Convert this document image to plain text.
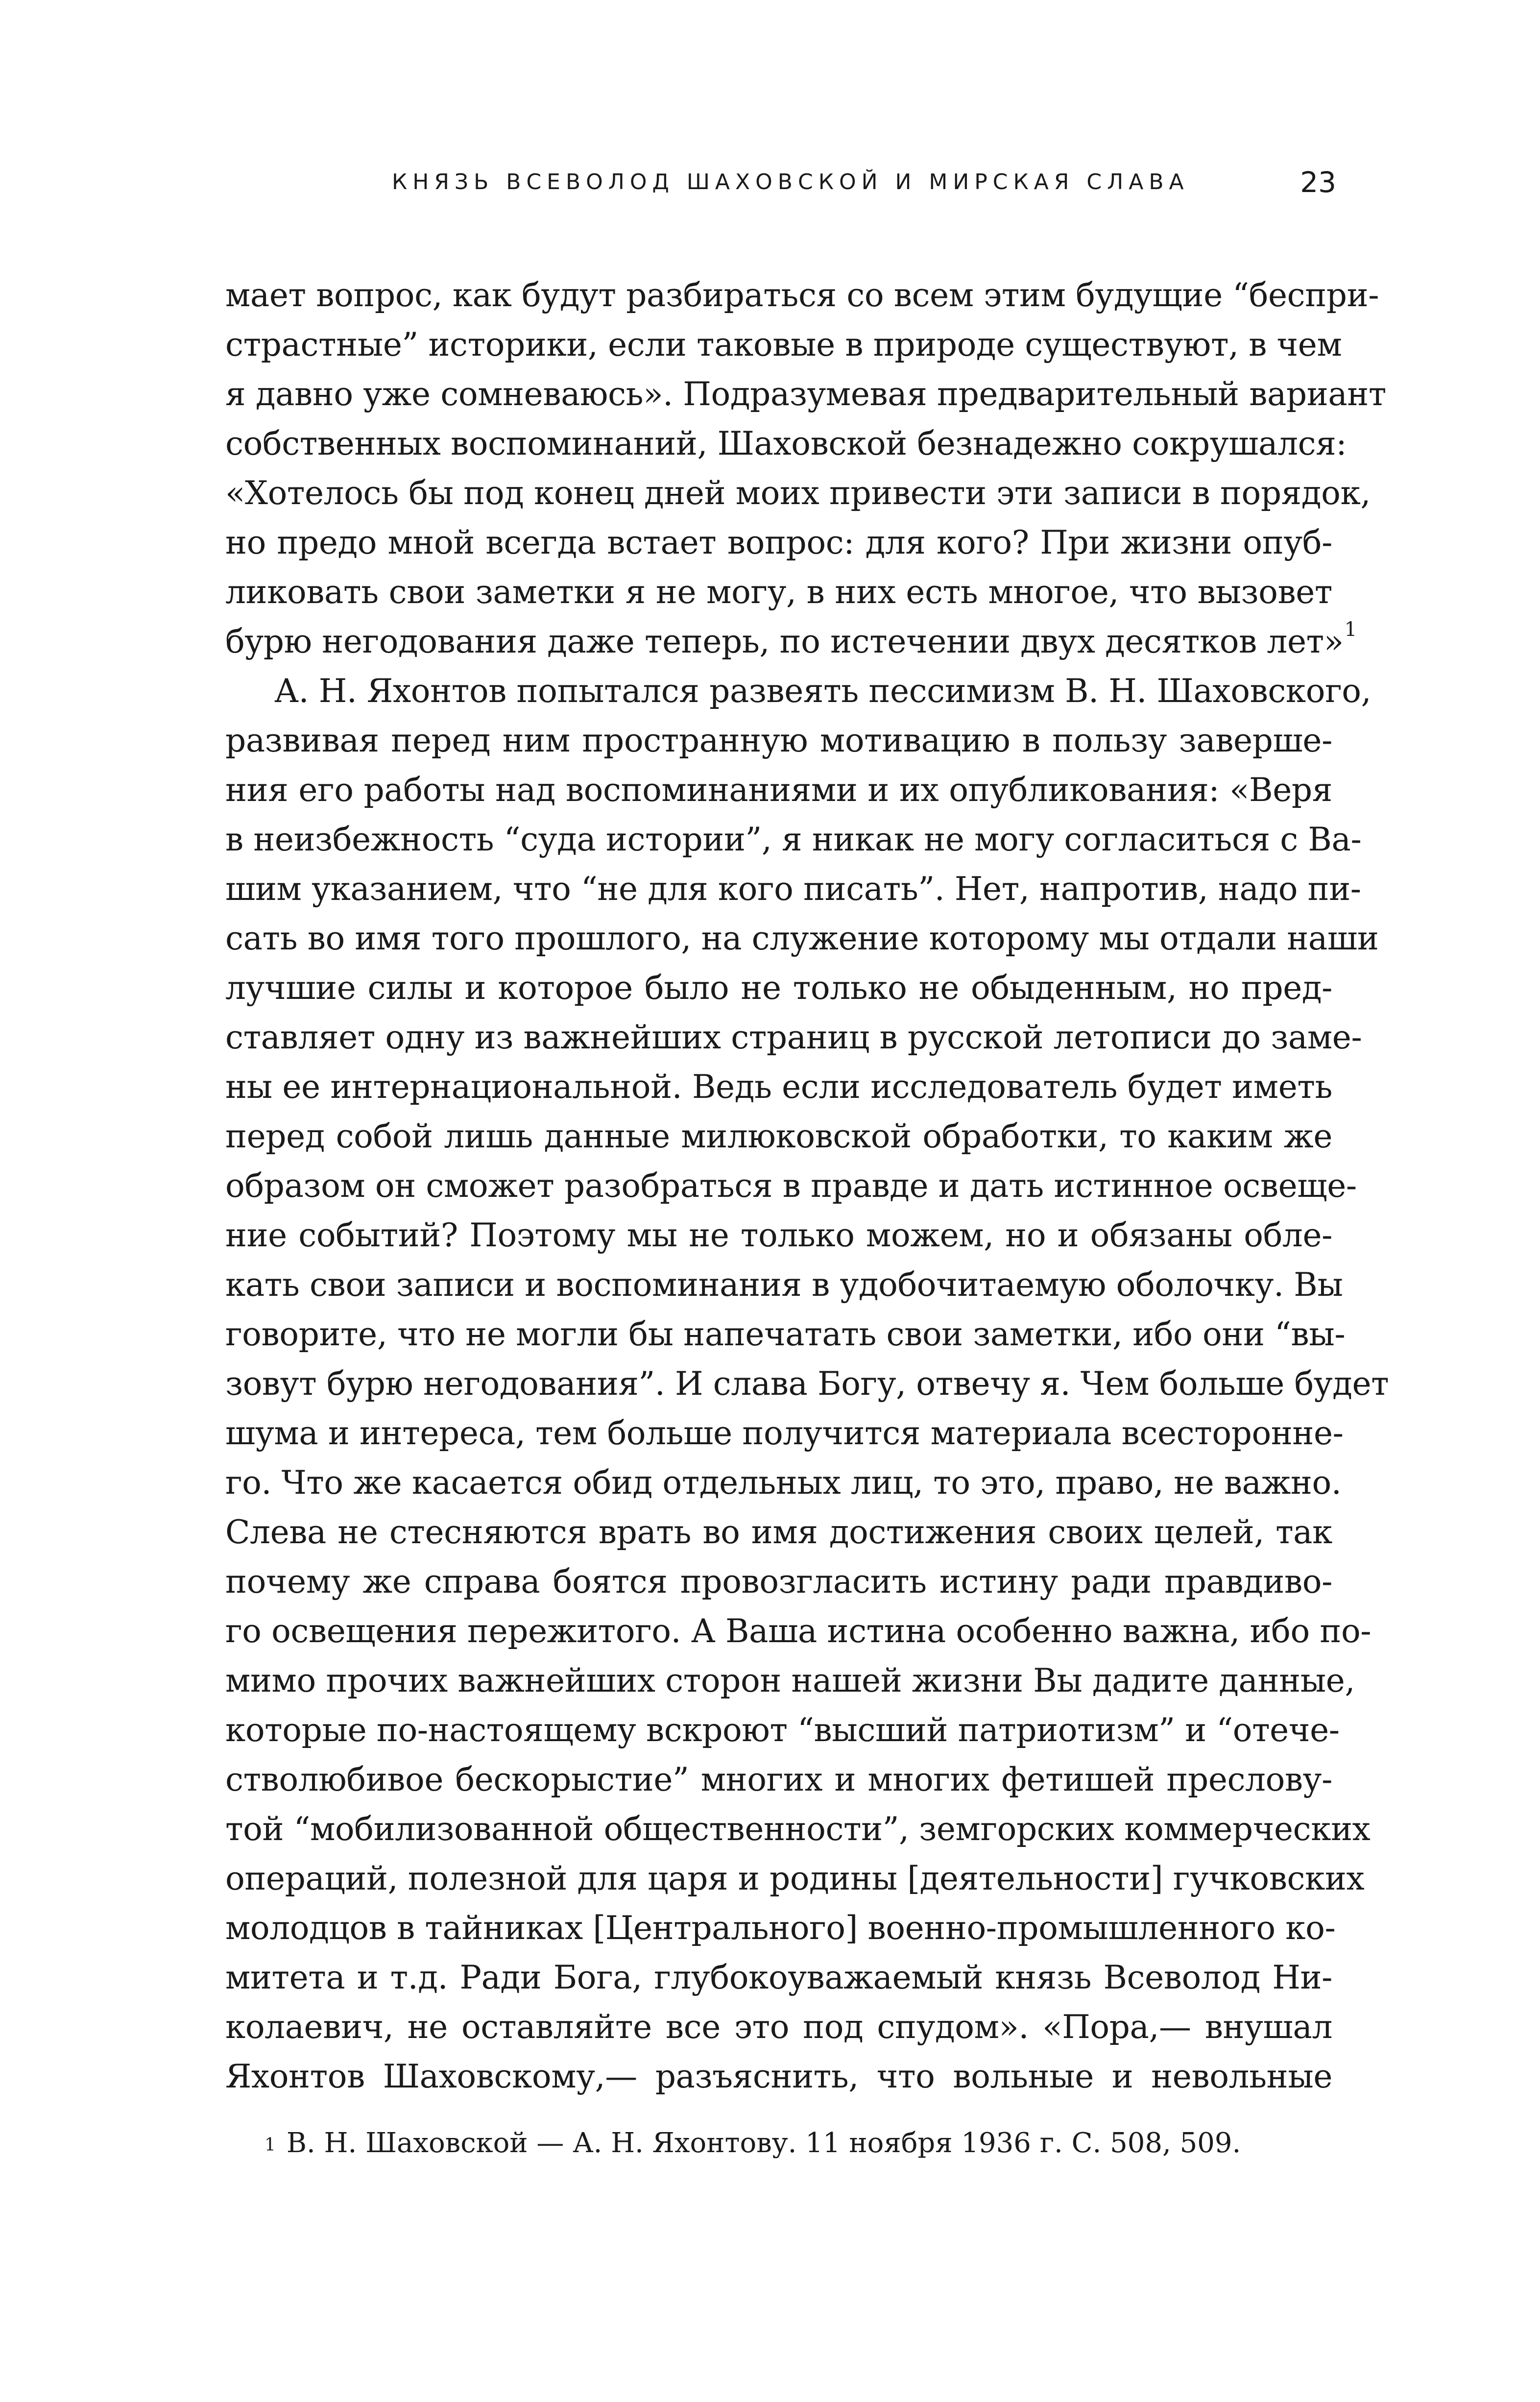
КНЯЗЬ ВСЕВОЛОД ШАХОВСКОЙ И МИРСКАЯ СЛАВА	23
мает вопрос, как будут разбираться со всем этим будущие “беспри-
страстные” историки, если таковые в природе существуют, в чем
я давно уже сомневаюсь». Подразумевая предварительный вариант
собственных воспоминаний, Шаховской безнадежно сокрушался:
«Хотелось бы под конец дней моих привести эти записи в порядок,
но предо мной всегда встает вопрос: для кого? При жизни опуб-
ликовать свои заметки я не могу, в них есть многое, что вызовет
бурю негодования даже теперь, по истечении двух десятков лет»$^1$
А. Н. Яхонтов попытался развеять пессимизм В. Н. Шаховского,
развивая перед ним пространную мотивацию в пользу заверше-
ния его работы над воспоминаниями и их опубликования: «Веря
в неизбежность “суда истории”, я никак не могу согласиться с Ва-
шим указанием, что “не для кого писать”. Нет, напротив, надо пи-
сать во имя того прошлого, на служение которому мы отдали наши
лучшие силы и которое было не только не обыденным, но пред-
ставляет одну из важнейших страниц в русской летописи до заме-
ны ее интернациональной. Ведь если исследователь будет иметь
перед собой лишь данные милюковской обработки, то каким же
образом он сможет разобраться в правде и дать истинное освеще-
ние событий? Поэтому мы не только можем, но и обязаны обле-
кать свои записи и воспоминания в удобочитаемую оболочку. Вы
говорите, что не могли бы напечатать свои заметки, ибо они “вы-
зовут бурю негодования”. И слава Богу, отвечу я. Чем больше будет
шума и интереса, тем больше получится материала всесторонне-
го. Что же касается обид отдельных лиц, то это, право, не важно.
Слева не стесняются врать во имя достижения своих целей, так
почему же справа боятся провозгласить истину ради правдиво-
го освещения пережитого. А Ваша истина особенно важна, ибо по-
мимо прочих важнейших сторон нашей жизни Вы дадите данные,
которые по-настоящему вскроют “высший патриотизм” и “отече-
стволюбивое бескорыстие” многих и многих фетишей преслову-
той “мобилизованной общественности”, земгорских коммерческих
операций, полезной для царя и родины [деятельности] гучковских
молодцов в тайниках [Центрального] военно-промышленного ко-
митета и т.д. Ради Бога, глубокоуважаемый князь Всеволод Ни-
колаевич, не оставляйте все это под спудом». «Пора,— внушал
Яхонтов Шаховскому,— разъяснить, что вольные и невольные
$^1$ В. Н. Шаховской — А. Н. Яхонтову. 11 ноября 1936 г. С. 508, 509.
